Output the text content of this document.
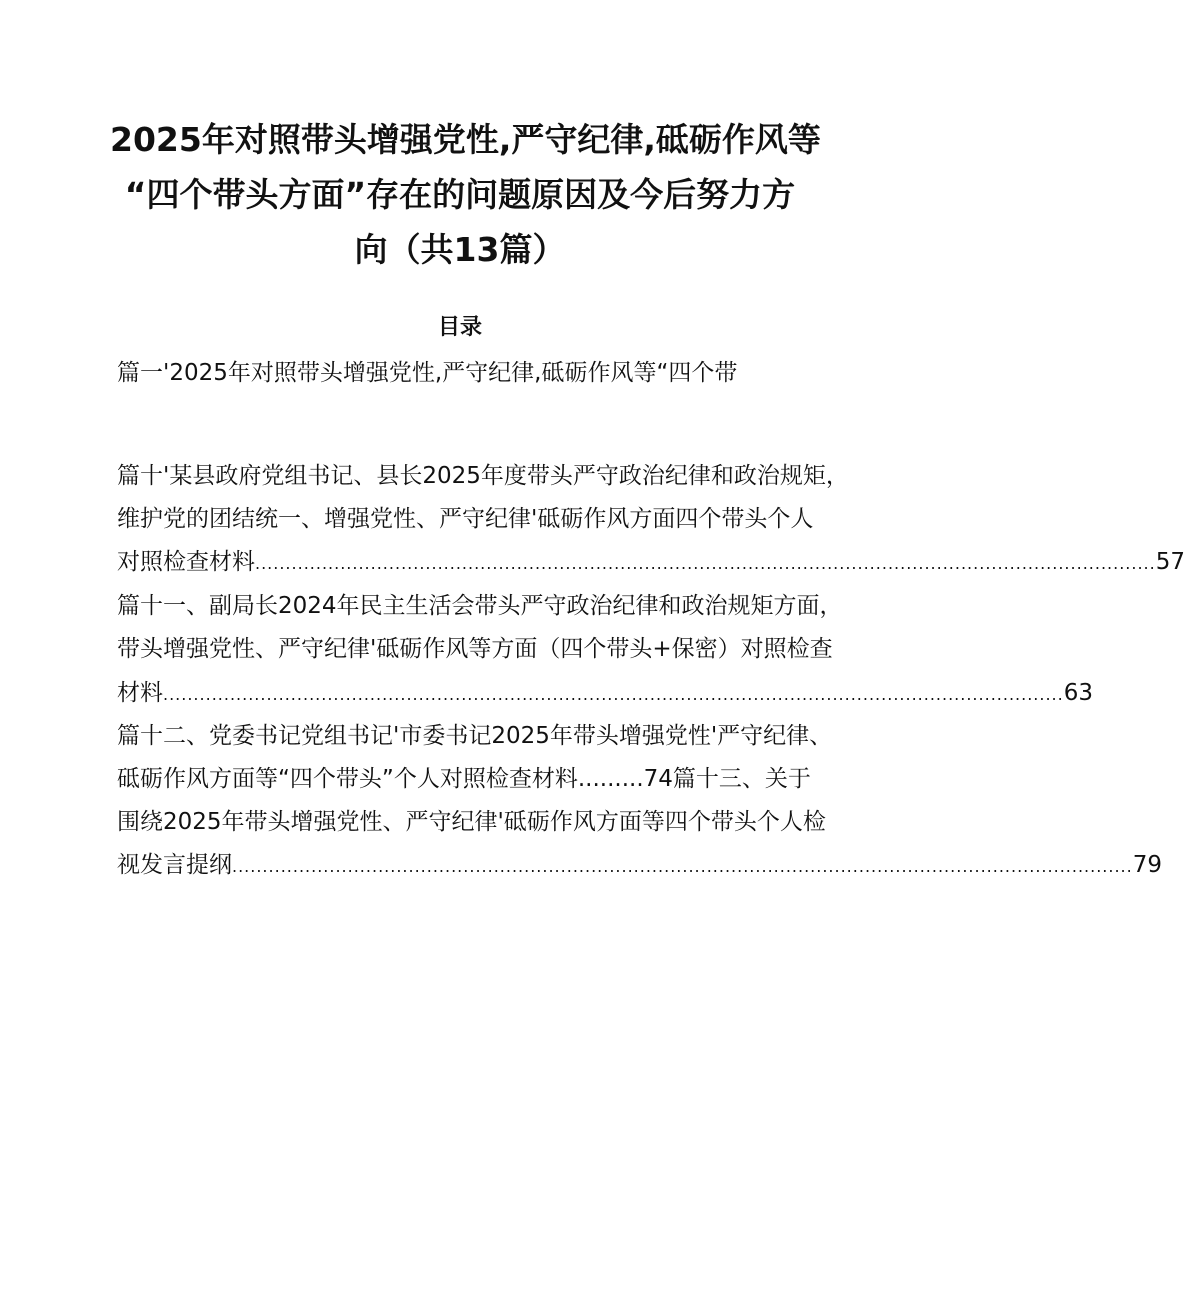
2025年对照带头增强党性,严守纪律,砥砺作风等
“四个带头方面”存在的问题原因及今后努力方
向（共13篇）
目录
篇一'2025年对照带头增强党性,严守纪律,砥砺作风等“四个带
篇十'某县政府党组书记、县长2025年度带头严守政治纪律和政治规矩，
维护党的团结统一、增强党性、严守纪律'砥砺作风方面四个带头个人
对照检查材料 .................................................................................................................................................... 57
篇十一、副局长2024年民主生活会带头严守政治纪律和政治规矩方面，
带头增强党性、严守纪律'砥砺作风等方面（四个带头+保密）对照检查
材料 .................................................................................................................................................... 63
篇十二、党委书记党组书记'市委书记2025年带头增强党性'严守纪律、
砥砺作风方面等“四个带头”个人对照检查材料.........74篇十三、关于
围绕2025年带头增强党性、严守纪律'砥砺作风方面等四个带头个人检
视发言提纲 .................................................................................................................................................... 79
